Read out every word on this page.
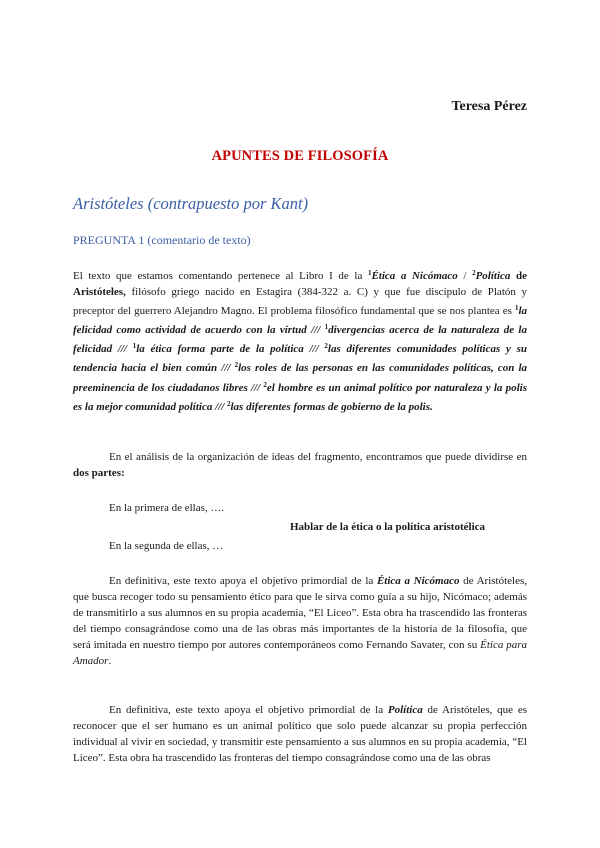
Teresa Pérez
APUNTES DE FILOSOFÍA
Aristóteles (contrapuesto por Kant)
PREGUNTA 1 (comentario de texto)
El texto que estamos comentando pertenece al Libro I de la $^1$Ética a Nicómaco / $^2$Política de Aristóteles, filósofo griego nacido en Estagira (384-322 a. C) y que fue discípulo de Platón y preceptor del guerrero Alejandro Magno. El problema filosófico fundamental que se nos plantea es $^1$la felicidad como actividad de acuerdo con la virtud /// $^1$divergencias acerca de la naturaleza de la felicidad /// $^1$la ética forma parte de la política /// $^2$las diferentes comunidades políticas y su tendencia hacia el bien común /// $^2$los roles de las personas en las comunidades políticas, con la preeminencia de los ciudadanos libres /// $^2$el hombre es un animal político por naturaleza y la polis es la mejor comunidad política /// $^2$las diferentes formas de gobierno de la polis.
En el análisis de la organización de ideas del fragmento, encontramos que puede dividirse en dos partes:
En la primera de ellas, ….
Hablar de la ética o la política aristotélica
En la segunda de ellas, …
En definitiva, este texto apoya el objetivo primordial de la Ética a Nicómaco de Aristóteles, que busca recoger todo su pensamiento ético para que le sirva como guía a su hijo, Nicómaco; además de transmitirlo a sus alumnos en su propia academia, “El Liceo”. Esta obra ha trascendido las fronteras del tiempo consagrándose como una de las obras más importantes de la historia de la filosofía, que será imitada en nuestro tiempo por autores contemporáneos como Fernando Savater, con su Ética para Amador.
En definitiva, este texto apoya el objetivo primordial de la Política de Aristóteles, que es reconocer que el ser humano es un animal político que solo puede alcanzar su propia perfección individual al vivir en sociedad, y transmitir este pensamiento a sus alumnos en su propia academia, “El Liceo”. Esta obra ha trascendido las fronteras del tiempo consagrándose como una de las obras
